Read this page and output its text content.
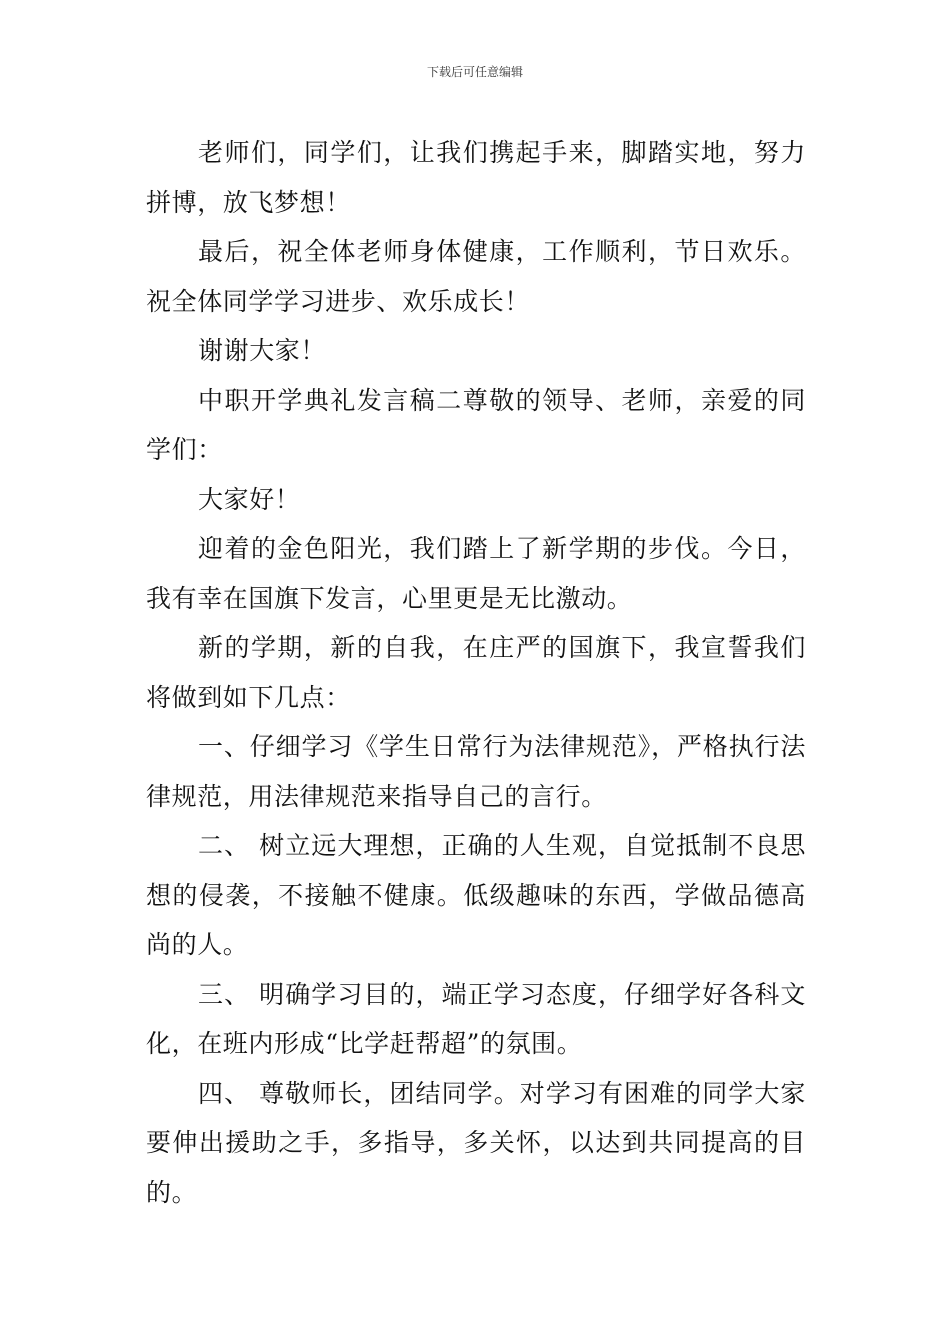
下载后可任意编辑

老师们，同学们，让我们携起手来，脚踏实地，努力拼博，放飞梦想！

最后，祝全体老师身体健康，工作顺利，节日欢乐。祝全体同学学习进步、欢乐成长！

谢谢大家！

中职开学典礼发言稿二尊敬的领导、老师，亲爱的同学们：

大家好！

迎着的金色阳光，我们踏上了新学期的步伐。今日，我有幸在国旗下发言，心里更是无比激动。

新的学期，新的自我，在庄严的国旗下，我宣誓我们将做到如下几点：

一、仔细学习《学生日常行为法律规范》，严格执行法律规范，用法律规范来指导自己的言行。

二、 树立远大理想，正确的人生观，自觉抵制不良思想的侵袭，不接触不健康。低级趣味的东西，学做品德高尚的人。

三、 明确学习目的，端正学习态度，仔细学好各科文化，在班内形成“比学赶帮超”的氛围。

四、 尊敬师长，团结同学。对学习有困难的同学大家要伸出援助之手，多指导，多关怀，以达到共同提高的目的。
